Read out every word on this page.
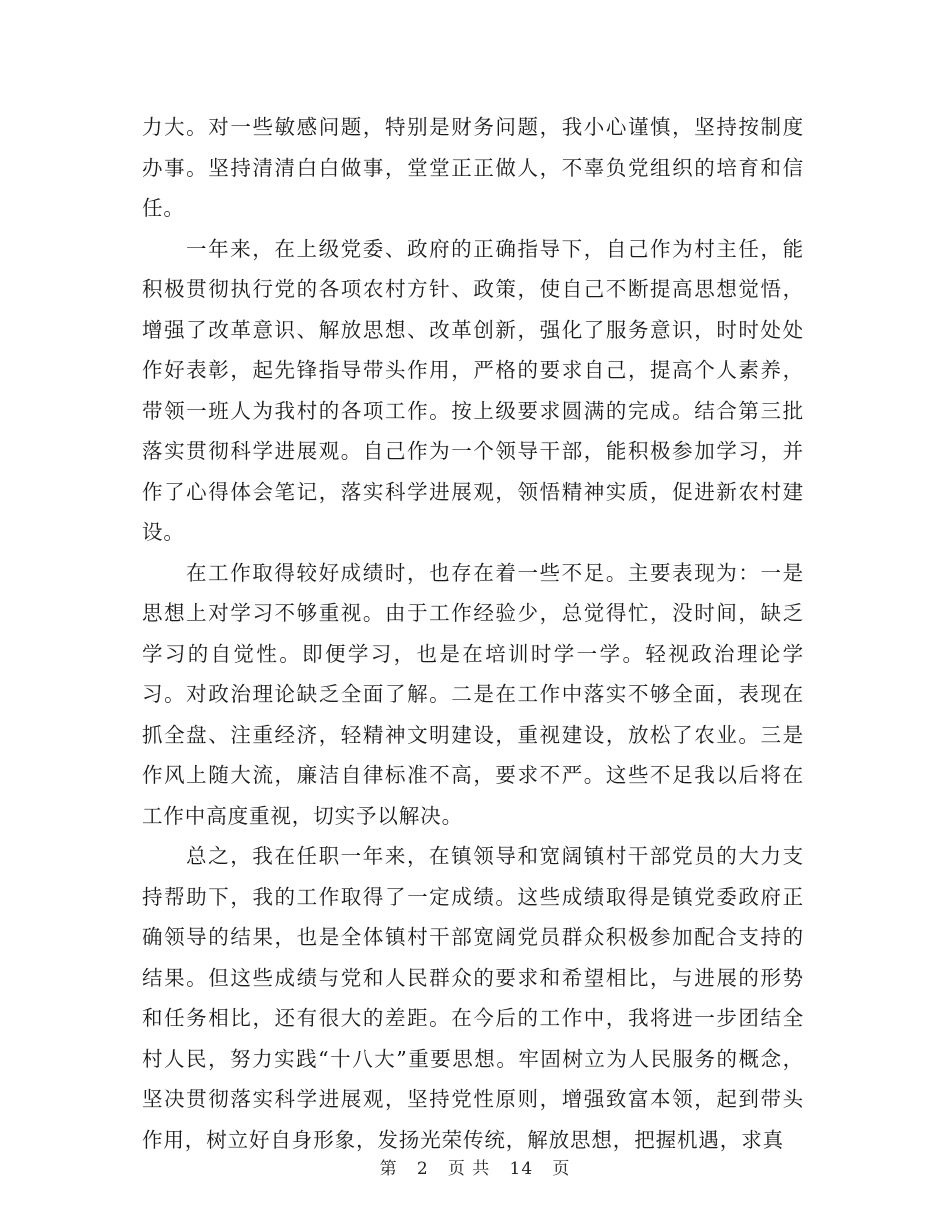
力大。对一些敏感问题，特别是财务问题，我小心谨慎，坚持按制度办事。坚持清清白白做事，堂堂正正做人，不辜负党组织的培育和信任。

一年来，在上级党委、政府的正确指导下，自己作为村主任，能积极贯彻执行党的各项农村方针、政策，使自己不断提高思想觉悟，增强了改革意识、解放思想、改革创新，强化了服务意识，时时处处作好表彰，起先锋指导带头作用，严格的要求自己，提高个人素养，带领一班人为我村的各项工作。按上级要求圆满的完成。结合第三批落实贯彻科学进展观。自己作为一个领导干部，能积极参加学习，并作了心得体会笔记，落实科学进展观，领悟精神实质，促进新农村建设。

在工作取得较好成绩时，也存在着一些不足。主要表现为：一是思想上对学习不够重视。由于工作经验少，总觉得忙，没时间，缺乏学习的自觉性。即便学习，也是在培训时学一学。轻视政治理论学习。对政治理论缺乏全面了解。二是在工作中落实不够全面，表现在抓全盘、注重经济，轻精神文明建设，重视建设，放松了农业。三是作风上随大流，廉洁自律标准不高，要求不严。这些不足我以后将在工作中高度重视，切实予以解决。

总之，我在任职一年来，在镇领导和宽阔镇村干部党员的大力支持帮助下，我的工作取得了一定成绩。这些成绩取得是镇党委政府正确领导的结果，也是全体镇村干部宽阔党员群众积极参加配合支持的结果。但这些成绩与党和人民群众的要求和希望相比，与进展的形势和任务相比，还有很大的差距。在今后的工作中，我将进一步团结全村人民，努力实践“十八大”重要思想。牢固树立为人民服务的概念，坚决贯彻落实科学进展观，坚持党性原则，增强致富本领，起到带头作用，树立好自身形象，发扬光荣传统，解放思想，把握机遇，求真

第 2 页 共 14 页
